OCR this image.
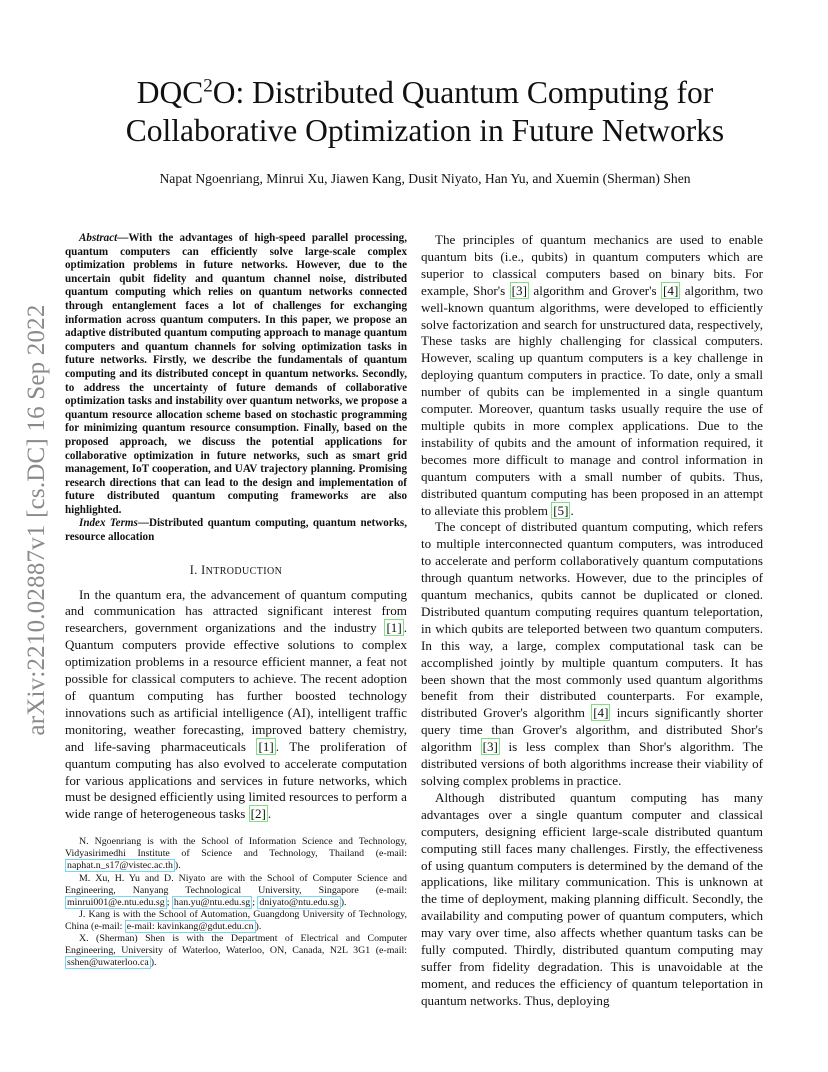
arXiv:2210.02887v1 [cs.DC] 16 Sep 2022
DQC$^2$O: Distributed Quantum Computing for
Collaborative Optimization in Future Networks
Napat Ngoenriang, Minrui Xu, Jiawen Kang, Dusit Niyato, Han Yu, and Xuemin (Sherman) Shen

Abstract—With the advantages of high-speed parallel processing, quantum computers can efficiently solve large-scale complex optimization problems in future networks. However, due to the uncertain qubit fidelity and quantum channel noise, distributed quantum computing which relies on quantum networks connected through entanglement faces a lot of challenges for exchanging information across quantum computers. In this paper, we propose an adaptive distributed quantum computing approach to manage quantum computers and quantum channels for solving optimization tasks in future networks. Firstly, we describe the fundamentals of quantum computing and its distributed concept in quantum networks. Secondly, to address the uncertainty of future demands of collaborative optimization tasks and instability over quantum networks, we propose a quantum resource allocation scheme based on stochastic programming for minimizing quantum resource consumption. Finally, based on the proposed approach, we discuss the potential applications for collaborative optimization in future networks, such as smart grid management, IoT cooperation, and UAV trajectory planning. Promising research directions that can lead to the design and implementation of future distributed quantum computing frameworks are also highlighted.

Index Terms—Distributed quantum computing, quantum networks, resource allocation

I. INTRODUCTION

In the quantum era, the advancement of quantum computing and communication has attracted significant interest from researchers, government organizations and the industry [1] . Quantum computers provide effective solutions to complex optimization problems in a resource efficient manner, a feat not possible for classical computers to achieve. The recent adoption of quantum computing has further boosted technology innovations such as artificial intelligence (AI), intelligent traffic monitoring, weather forecasting, improved battery chemistry, and life-saving pharmaceuticals [1] . The proliferation of quantum computing has also evolved to accelerate computation for various applications and services in future networks, which must be designed efficiently using limited resources to perform a wide range of heterogeneous tasks [2] .

N. Ngoenriang is with the School of Information Science and Technology, Vidyasirimedhi Institute of Science and Technology, Thailand (e-mail: naphat.n_s17@vistec.ac.th ).

M. Xu, H. Yu and D. Niyato are with the School of Computer Science and Engineering, Nanyang Technological University, Singapore (e-mail: minrui001@e.ntu.edu.sg ; han.yu@ntu.edu.sg ; dniyato@ntu.edu.sg ).

J. Kang is with the School of Automation, Guangdong University of Technology, China (e-mail: e-mail: kavinkang@gdut.edu.cn ).

X. (Sherman) Shen is with the Department of Electrical and Computer Engineering, University of Waterloo, Waterloo, ON, Canada, N2L 3G1 (e-mail: sshen@uwaterloo.ca ).

The principles of quantum mechanics are used to enable quantum bits (i.e., qubits) in quantum computers which are superior to classical computers based on binary bits. For example, Shor's [3] algorithm and Grover's [4] algorithm, two well-known quantum algorithms, were developed to efficiently solve factorization and search for unstructured data, respectively, These tasks are highly challenging for classical computers. However, scaling up quantum computers is a key challenge in deploying quantum computers in practice. To date, only a small number of qubits can be implemented in a single quantum computer. Moreover, quantum tasks usually require the use of multiple qubits in more complex applications. Due to the instability of qubits and the amount of information required, it becomes more difficult to manage and control information in quantum computers with a small number of qubits. Thus, distributed quantum computing has been proposed in an attempt to alleviate this problem [5] .

The concept of distributed quantum computing, which refers to multiple interconnected quantum computers, was introduced to accelerate and perform collaboratively quantum computations through quantum networks. However, due to the principles of quantum mechanics, qubits cannot be duplicated or cloned. Distributed quantum computing requires quantum teleportation, in which qubits are teleported between two quantum computers. In this way, a large, complex computational task can be accomplished jointly by multiple quantum computers. It has been shown that the most commonly used quantum algorithms benefit from their distributed counterparts. For example, distributed Grover's algorithm [4] incurs significantly shorter query time than Grover's algorithm, and distributed Shor's algorithm [3] is less complex than Shor's algorithm. The distributed versions of both algorithms increase their viability of solving complex problems in practice.

Although distributed quantum computing has many advantages over a single quantum computer and classical computers, designing efficient large-scale distributed quantum computing still faces many challenges. Firstly, the effectiveness of using quantum computers is determined by the demand of the applications, like military communication. This is unknown at the time of deployment, making planning difficult. Secondly, the availability and computing power of quantum computers, which may vary over time, also affects whether quantum tasks can be fully computed. Thirdly, distributed quantum computing may suffer from fidelity degradation. This is unavoidable at the moment, and reduces the efficiency of quantum teleportation in quantum networks. Thus, deploying
